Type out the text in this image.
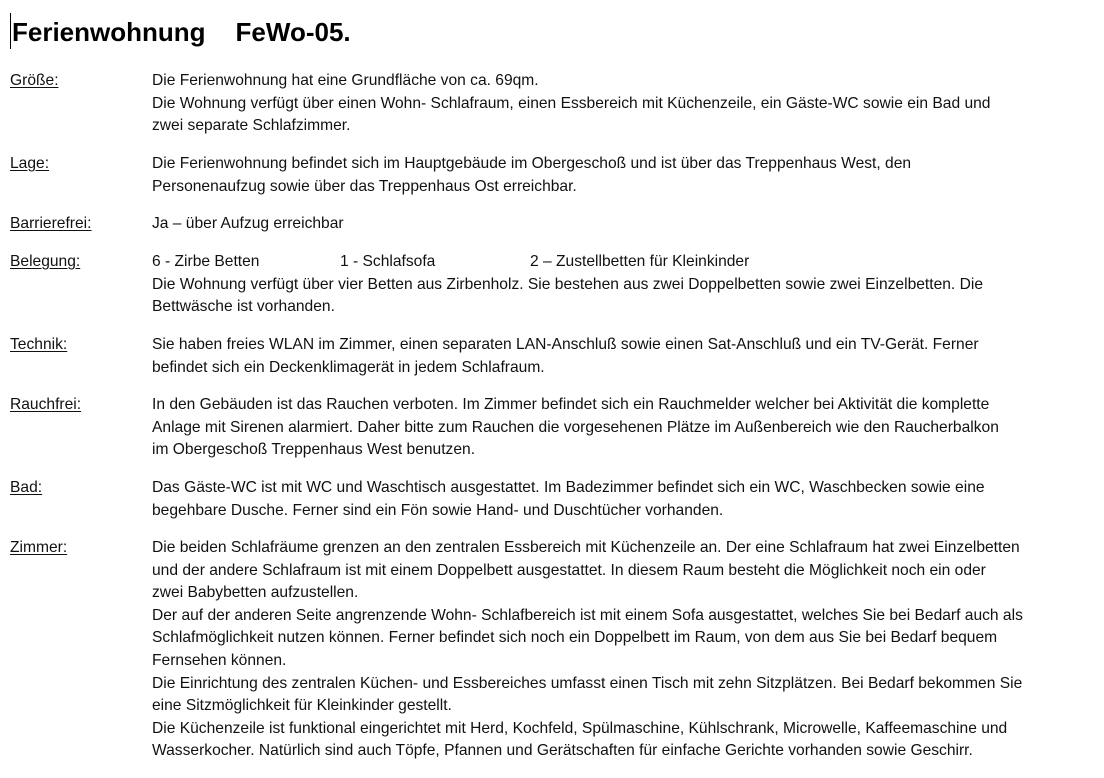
Ferienwohnung FeWo-05.
Größe:	Die Ferienwohnung hat eine Grundfläche von ca. 69qm.
Die Wohnung verfügt über einen Wohn- Schlafraum, einen Essbereich mit Küchenzeile, ein Gäste-WC sowie ein Bad und
zwei separate Schlafzimmer.
Lage:	Die Ferienwohnung befindet sich im Hauptgebäude im Obergeschoß und ist über das Treppenhaus West, den
Personenaufzug sowie über das Treppenhaus Ost erreichbar.
Barrierefrei:	Ja – über Aufzug erreichbar
Belegung:	6 - Zirbe Betten	1 - Schlafsofa	2 – Zustellbetten für Kleinkinder
Die Wohnung verfügt über vier Betten aus Zirbenholz. Sie bestehen aus zwei Doppelbetten sowie zwei Einzelbetten. Die
Bettwäsche ist vorhanden.
Technik:	Sie haben freies WLAN im Zimmer, einen separaten LAN-Anschluß sowie einen Sat-Anschluß und ein TV-Gerät. Ferner
befindet sich ein Deckenklimagerät in jedem Schlafraum.
Rauchfrei:	In den Gebäuden ist das Rauchen verboten. Im Zimmer befindet sich ein Rauchmelder welcher bei Aktivität die komplette
Anlage mit Sirenen alarmiert. Daher bitte zum Rauchen die vorgesehenen Plätze im Außenbereich wie den Raucherbalkon
im Obergeschoß Treppenhaus West benutzen.
Bad:	Das Gäste-WC ist mit WC und Waschtisch ausgestattet. Im Badezimmer befindet sich ein WC, Waschbecken sowie eine
begehbare Dusche. Ferner sind ein Fön sowie Hand- und Duschtücher vorhanden.
Zimmer:	Die beiden Schlafräume grenzen an den zentralen Essbereich mit Küchenzeile an. Der eine Schlafraum hat zwei Einzelbetten
und der andere Schlafraum ist mit einem Doppelbett ausgestattet. In diesem Raum besteht die Möglichkeit noch ein oder
zwei Babybetten aufzustellen.
Der auf der anderen Seite angrenzende Wohn- Schlafbereich ist mit einem Sofa ausgestattet, welches Sie bei Bedarf auch als
Schlafmöglichkeit nutzen können. Ferner befindet sich noch ein Doppelbett im Raum, von dem aus Sie bei Bedarf bequem
Fernsehen können.
Die Einrichtung des zentralen Küchen- und Essbereiches umfasst einen Tisch mit zehn Sitzplätzen. Bei Bedarf bekommen Sie
eine Sitzmöglichkeit für Kleinkinder gestellt.
Die Küchenzeile ist funktional eingerichtet mit Herd, Kochfeld, Spülmaschine, Kühlschrank, Microwelle, Kaffeemaschine und
Wasserkocher. Natürlich sind auch Töpfe, Pfannen und Gerätschaften für einfache Gerichte vorhanden sowie Geschirr.
